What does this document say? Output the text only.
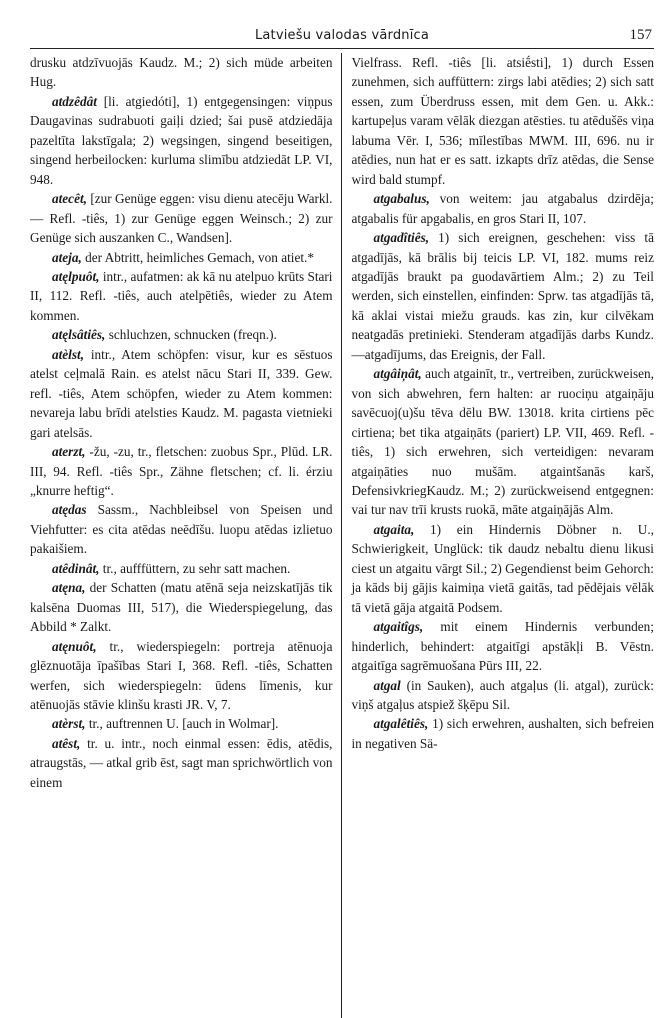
Latviešu valodas vārdnīca	157

drusku atdzīvuojās Kaudz. M.; 2) sich müde arbeiten Hug.

atdzêdât [li. atgiedóti], 1) entgegensingen: viņpus Daugavinas sudrabuoti gaiļi dzied; šai pusē atdziedāja pazeltīta lakstīgala; 2) wegsingen, singend beseitigen, singend herbeilocken: kurluma slimību atdziedāt LP. VI, 948.

atecêt, [zur Genüge eggen: visu dienu atecēju Warkl. — Refl. -tiês, 1) zur Genüge eggen Weinsch.; 2) zur Genüge sich auszanken C., Wandsen].

ateja, der Abtritt, heimliches Gemach, von atiet.*

atęlpuôt, intr., aufatmen: ak kā nu atelpuo krūts Stari II, 112. Refl. -tiês, auch atelpētiês, wieder zu Atem kommen.

atęlsâtiês, schluchzen, schnucken (freqn.).

atèlst, intr., Atem schöpfen: visur, kur es sēstuos atelst ceļmalā Rain. es atelst nācu Stari II, 339. Gew. refl. -tiês, Atem schöpfen, wieder zu Atem kommen: nevareja labu brīdi atelsties Kaudz. M. pagasta vietnieki gari atelsās.

aterzt, -žu, -zu, tr., fletschen: zuobus Spr., Plūd. LR. III, 94. Refl. -tiês Spr., Zähne fletschen; cf. li. érziu „knurre heftig“.

atędas Sassm., Nachbleibsel von Speisen und Viehfutter: es cita atēdas neēdīšu. luopu atēdas izlietuo pakaišiem.

atêdinât, tr., aufffüttern, zu sehr satt machen.

atęna, der Schatten (matu atēnā seja neizskatījās tik kalsēna Duomas III, 517), die Wiederspiegelung, das Abbild * Zalkt.

atęnuôt, tr., wiederspiegeln: portreja atēnuoja glēznuotāja īpašības Stari I, 368. Refl. -tiês, Schatten werfen, sich wiederspiegeln: ūdens līmenis, kur atēnuojās stāvie klinšu krasti JR. V, 7.

atèrst, tr., auftrennen U. [auch in Wolmar].

atêst, tr. u. intr., noch einmal essen: ēdis, atēdis, atraugstās, — atkal grib ēst, sagt man sprichwörtlich von einem

Vielfrass. Refl. -tiês [li. atsiḗsti], 1) durch Essen zunehmen, sich auffüttern: zirgs labi atēdies; 2) sich satt essen, zum Überdruss essen, mit dem Gen. u. Akk.: kartupeļus varam vēlāk diezgan atēsties. tu atēdušēs viņa labuma Vēr. I, 536; mīlestības MWM. III, 696. nu ir atēdies, nun hat er es satt. izkapts drīz atēdas, die Sense wird bald stumpf.

atgabalus, von weitem: jau atgabalus dzirdēja; atgabalis für apgabalis, en gros Stari II, 107.

atgadîtiês, 1) sich ereignen, geschehen: viss tā atgadījās, kā brālis bij teicis LP. VI, 182. mums reiz atgadījās braukt pa guodavārtiem Alm.; 2) zu Teil werden, sich einstellen, einfinden: Sprw. tas atgadījās tā, kā aklai vistai miežu grauds. kas zin, kur cilvēkam neatgadās pretinieki. Stenderam atgadījās darbs Kundz.—atgadījums, das Ereignis, der Fall.

atgâiņât, auch atgainīt, tr., vertreiben, zurückweisen, von sich abwehren, fern halten: ar ruociņu atgaiņāju savēcuoj(u)šu tēva dēlu BW. 13018. krita cirtiens pēc cirtiena; bet tika atgaiņāts (pariert) LP. VII, 469. Refl. -tiês, 1) sich erwehren, sich verteidigen: nevaram atgaiņāties nuo mušām. atgaintšanās karš, DefensivkriegKaudz. M.; 2) zurückweisend entgegnen: vai tur nav trīi krusts ruokā, māte atgaiņājās Alm.

atgaita, 1) ein Hindernis Döbner n. U., Schwierigkeit, Unglück: tik daudz nebaltu dienu likusi ciest un atgaitu vārgt Sil.; 2) Gegendienst beim Gehorch: ja kāds bij gājis kaimiņa vietā gaitās, tad pēdējais vēlāk tā vietā gāja atgaitā Podsem.

atgaitîgs, mit einem Hindernis verbunden; hinderlich, behindert: atgaitīgi apstākļi B. Vēstn. atgaitīga sagrēmuošana Pūrs III, 22.

atgal (in Sauken), auch atgaļus (li. atgal), zurück: viņš atgaļus atspiež šķēpu Sil.

atgalêtiês, 1) sich erwehren, aushalten, sich befreien in negativen Sä-
